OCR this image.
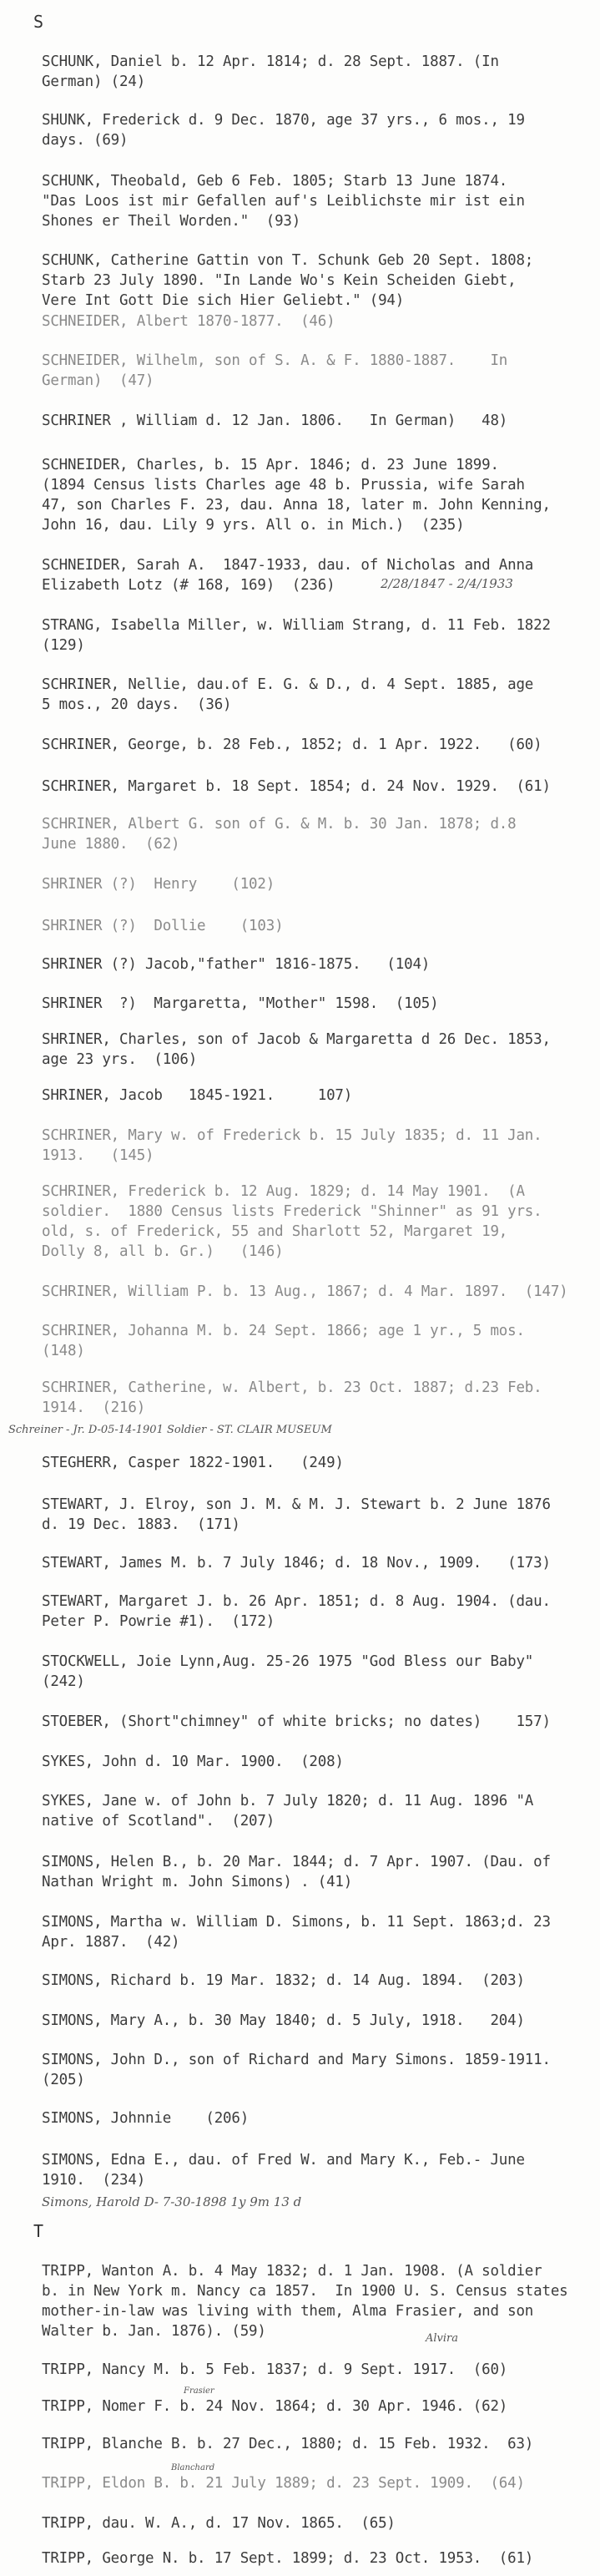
S
SCHUNK, Daniel b. 12 Apr. 1814; d. 28 Sept. 1887. (In
German) (24)
SHUNK, Frederick d. 9 Dec. 1870, age 37 yrs., 6 mos., 19
days. (69)
SCHUNK, Theobald, Geb 6 Feb. 1805; Starb 13 June 1874.
"Das Loos ist mir Gefallen auf's Leiblichste mir ist ein
Shones er Theil Worden."  (93)
SCHUNK, Catherine Gattin von T. Schunk Geb 20 Sept. 1808;
Starb 23 July 1890. "In Lande Wo's Kein Scheiden Giebt,
Vere Int Gott Die sich Hier Geliebt." (94)
SCHNEIDER, Albert 1870-1877.  (46)
SCHNEIDER, Wilhelm, son of S. A. & F. 1880-1887.    In
German)  (47)
SCHRINER , William d. 12 Jan. 1806.   In German)   48)
SCHNEIDER, Charles, b. 15 Apr. 1846; d. 23 June 1899.
(1894 Census lists Charles age 48 b. Prussia, wife Sarah
47, son Charles F. 23, dau. Anna 18, later m. John Kenning,
John 16, dau. Lily 9 yrs. All o. in Mich.)  (235)
SCHNEIDER, Sarah A.  1847-1933, dau. of Nicholas and Anna
Elizabeth Lotz (# 168, 169)  (236)	2/28/1847 - 2/4/1933
STRANG, Isabella Miller, w. William Strang, d. 11 Feb. 1822
(129)
SCHRINER, Nellie, dau.of E. G. & D., d. 4 Sept. 1885, age
5 mos., 20 days.  (36)
SCHRINER, George, b. 28 Feb., 1852; d. 1 Apr. 1922.   (60)
SCHRINER, Margaret b. 18 Sept. 1854; d. 24 Nov. 1929.  (61)
SCHRINER, Albert G. son of G. & M. b. 30 Jan. 1878; d.8
June 1880.  (62)
SHRINER (?)  Henry    (102)
SHRINER (?)  Dollie    (103)
SHRINER (?) Jacob,"father" 1816-1875.   (104)
SHRINER  ?)  Margaretta, "Mother" 1598.  (105)
SHRINER, Charles, son of Jacob & Margaretta d 26 Dec. 1853,
age 23 yrs.  (106)
SHRINER, Jacob   1845-1921.     107)
SCHRINER, Mary w. of Frederick b. 15 July 1835; d. 11 Jan.
1913.   (145)
SCHRINER, Frederick b. 12 Aug. 1829; d. 14 May 1901.  (A
soldier.  1880 Census lists Frederick "Shinner" as 91 yrs.
old, s. of Frederick, 55 and Sharlott 52, Margaret 19,
Dolly 8, all b. Gr.)   (146)
SCHRINER, William P. b. 13 Aug., 1867; d. 4 Mar. 1897.  (147)
SCHRINER, Johanna M. b. 24 Sept. 1866; age 1 yr., 5 mos.
(148)
SCHRINER, Catherine, w. Albert, b. 23 Oct. 1887; d.23 Feb.
1914.  (216)
Schreiner - Jr. D-05-14-1901 Soldier - ST. CLAIR MUSEUM
STEGHERR, Casper 1822-1901.   (249)
STEWART, J. Elroy, son J. M. & M. J. Stewart b. 2 June 1876
d. 19 Dec. 1883.  (171)
STEWART, James M. b. 7 July 1846; d. 18 Nov., 1909.   (173)
STEWART, Margaret J. b. 26 Apr. 1851; d. 8 Aug. 1904. (dau.
Peter P. Powrie #1).  (172)
STOCKWELL, Joie Lynn,Aug. 25-26 1975 "God Bless our Baby"
(242)
STOEBER, (Short"chimney" of white bricks; no dates)    157)
SYKES, John d. 10 Mar. 1900.  (208)
SYKES, Jane w. of John b. 7 July 1820; d. 11 Aug. 1896 "A
native of Scotland".  (207)
SIMONS, Helen B., b. 20 Mar. 1844; d. 7 Apr. 1907. (Dau. of
Nathan Wright m. John Simons) . (41)
SIMONS, Martha w. William D. Simons, b. 11 Sept. 1863;d. 23
Apr. 1887.  (42)
SIMONS, Richard b. 19 Mar. 1832; d. 14 Aug. 1894.  (203)
SIMONS, Mary A., b. 30 May 1840; d. 5 July, 1918.   204)
SIMONS, John D., son of Richard and Mary Simons. 1859-1911.
(205)
SIMONS, Johnnie    (206)
SIMONS, Edna E., dau. of Fred W. and Mary K., Feb.- June
1910.  (234)
Simons, Harold D- 7-30-1898 1y 9m 13 d
T
TRIPP, Wanton A. b. 4 May 1832; d. 1 Jan. 1908. (A soldier
b. in New York m. Nancy ca 1857.  In 1900 U. S. Census states
mother-in-law was living with them, Alma Frasier, and son
Walter b. Jan. 1876). (59)	Alvira
TRIPP, Nancy M. b. 5 Feb. 1837; d. 9 Sept. 1917.  (60)
Frasier
TRIPP, Nomer F. b. 24 Nov. 1864; d. 30 Apr. 1946. (62)
TRIPP, Blanche B. b. 27 Dec., 1880; d. 15 Feb. 1932.  63)
Blanchard
TRIPP, Eldon B. b. 21 July 1889; d. 23 Sept. 1909.  (64)
TRIPP, dau. W. A., d. 17 Nov. 1865.  (65)
TRIPP, George N. b. 17 Sept. 1899; d. 23 Oct. 1953.  (61)
